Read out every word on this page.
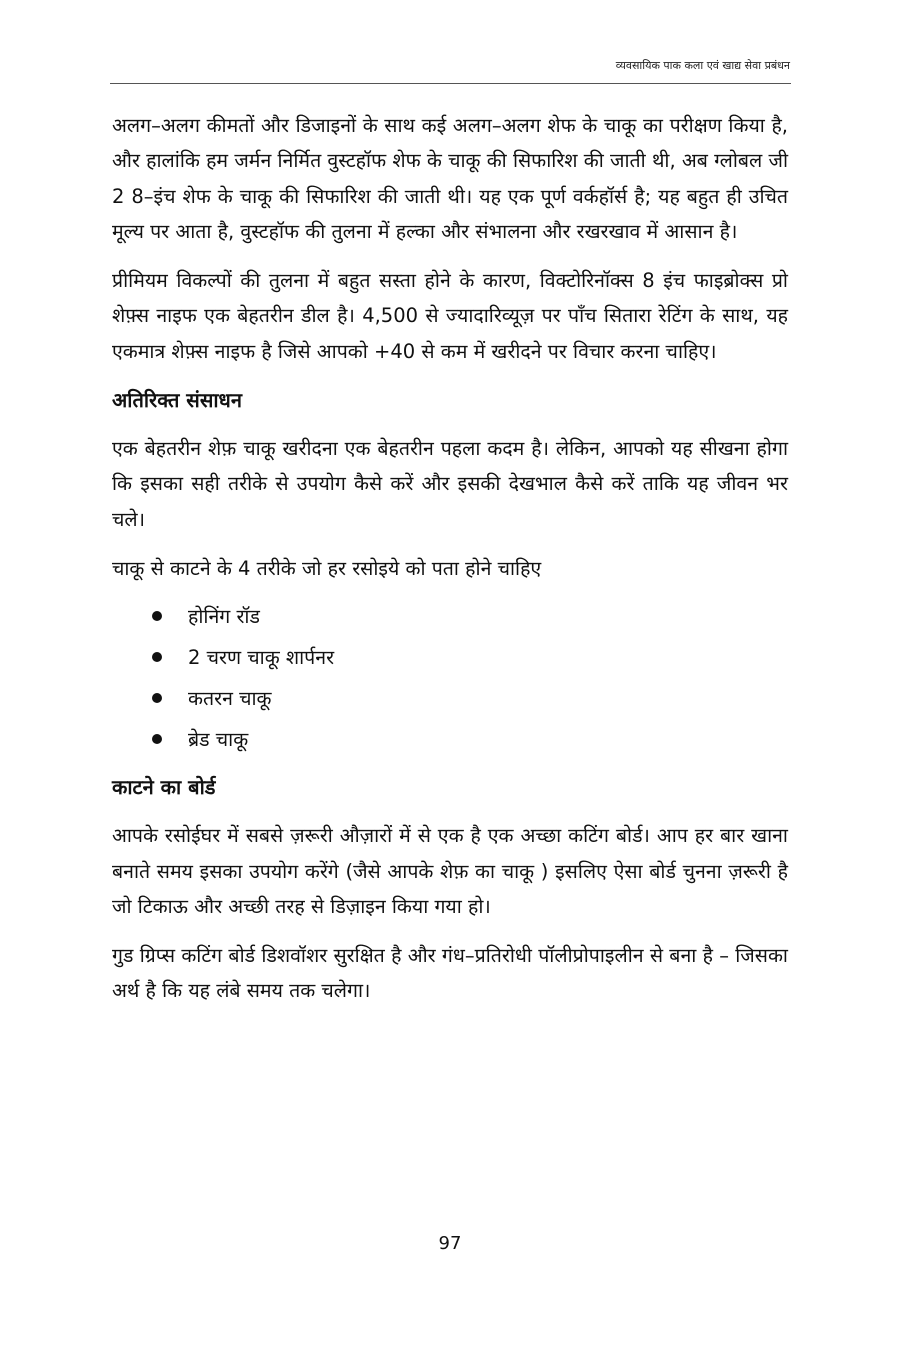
व्यवसायिक पाक कला एवं खाद्य सेवा प्रबंधन

अलग–अलग कीमतों और डिजाइनों के साथ कई अलग–अलग शेफ के चाकू का परीक्षण किया है, और हालांकि हम जर्मन निर्मित वुस्टहॉफ शेफ के चाकू की सिफारिश की जाती थी, अब ग्लोबल जी 2 8–इंच शेफ के चाकू की सिफारिश की जाती थी। यह एक पूर्ण वर्कहॉर्स है; यह बहुत ही उचित मूल्य पर आता है, वुस्टहॉफ की तुलना में हल्का और संभालना और रखरखाव में आसान है।

प्रीमियम विकल्पों की तुलना में बहुत सस्ता होने के कारण, विक्टोरिनॉक्स 8 इंच फाइब्रोक्स प्रो शेफ़्स नाइफ एक बेहतरीन डील है। 4,500 से ज्यादारिव्यूज़ पर पाँच सितारा रेटिंग के साथ, यह एकमात्र शेफ़्स नाइफ है जिसे आपको +40 से कम में खरीदने पर विचार करना चाहिए।

अतिरिक्त संसाधन

एक बेहतरीन शेफ़ चाकू खरीदना एक बेहतरीन पहला कदम है। लेकिन, आपको यह सीखना होगा कि इसका सही तरीके से उपयोग कैसे करें और इसकी देखभाल कैसे करें ताकि यह जीवन भर चले।

चाकू से काटने के 4 तरीके जो हर रसोइये को पता होने चाहिए

होनिंग रॉड
2 चरण चाकू शार्पनर
कतरन चाकू
ब्रेड चाकू
काटने का बोर्ड

आपके रसोईघर में सबसे ज़रूरी औज़ारों में से एक है एक अच्छा कटिंग बोर्ड। आप हर बार खाना बनाते समय इसका उपयोग करेंगे (जैसे आपके शेफ़ का चाकू ) इसलिए ऐसा बोर्ड चुनना ज़रूरी है जो टिकाऊ और अच्छी तरह से डिज़ाइन किया गया हो।

गुड ग्रिप्स कटिंग बोर्ड डिशवॉशर सुरक्षित है और गंध–प्रतिरोधी पॉलीप्रोपाइलीन से बना है – जिसका अर्थ है कि यह लंबे समय तक चलेगा।

97
